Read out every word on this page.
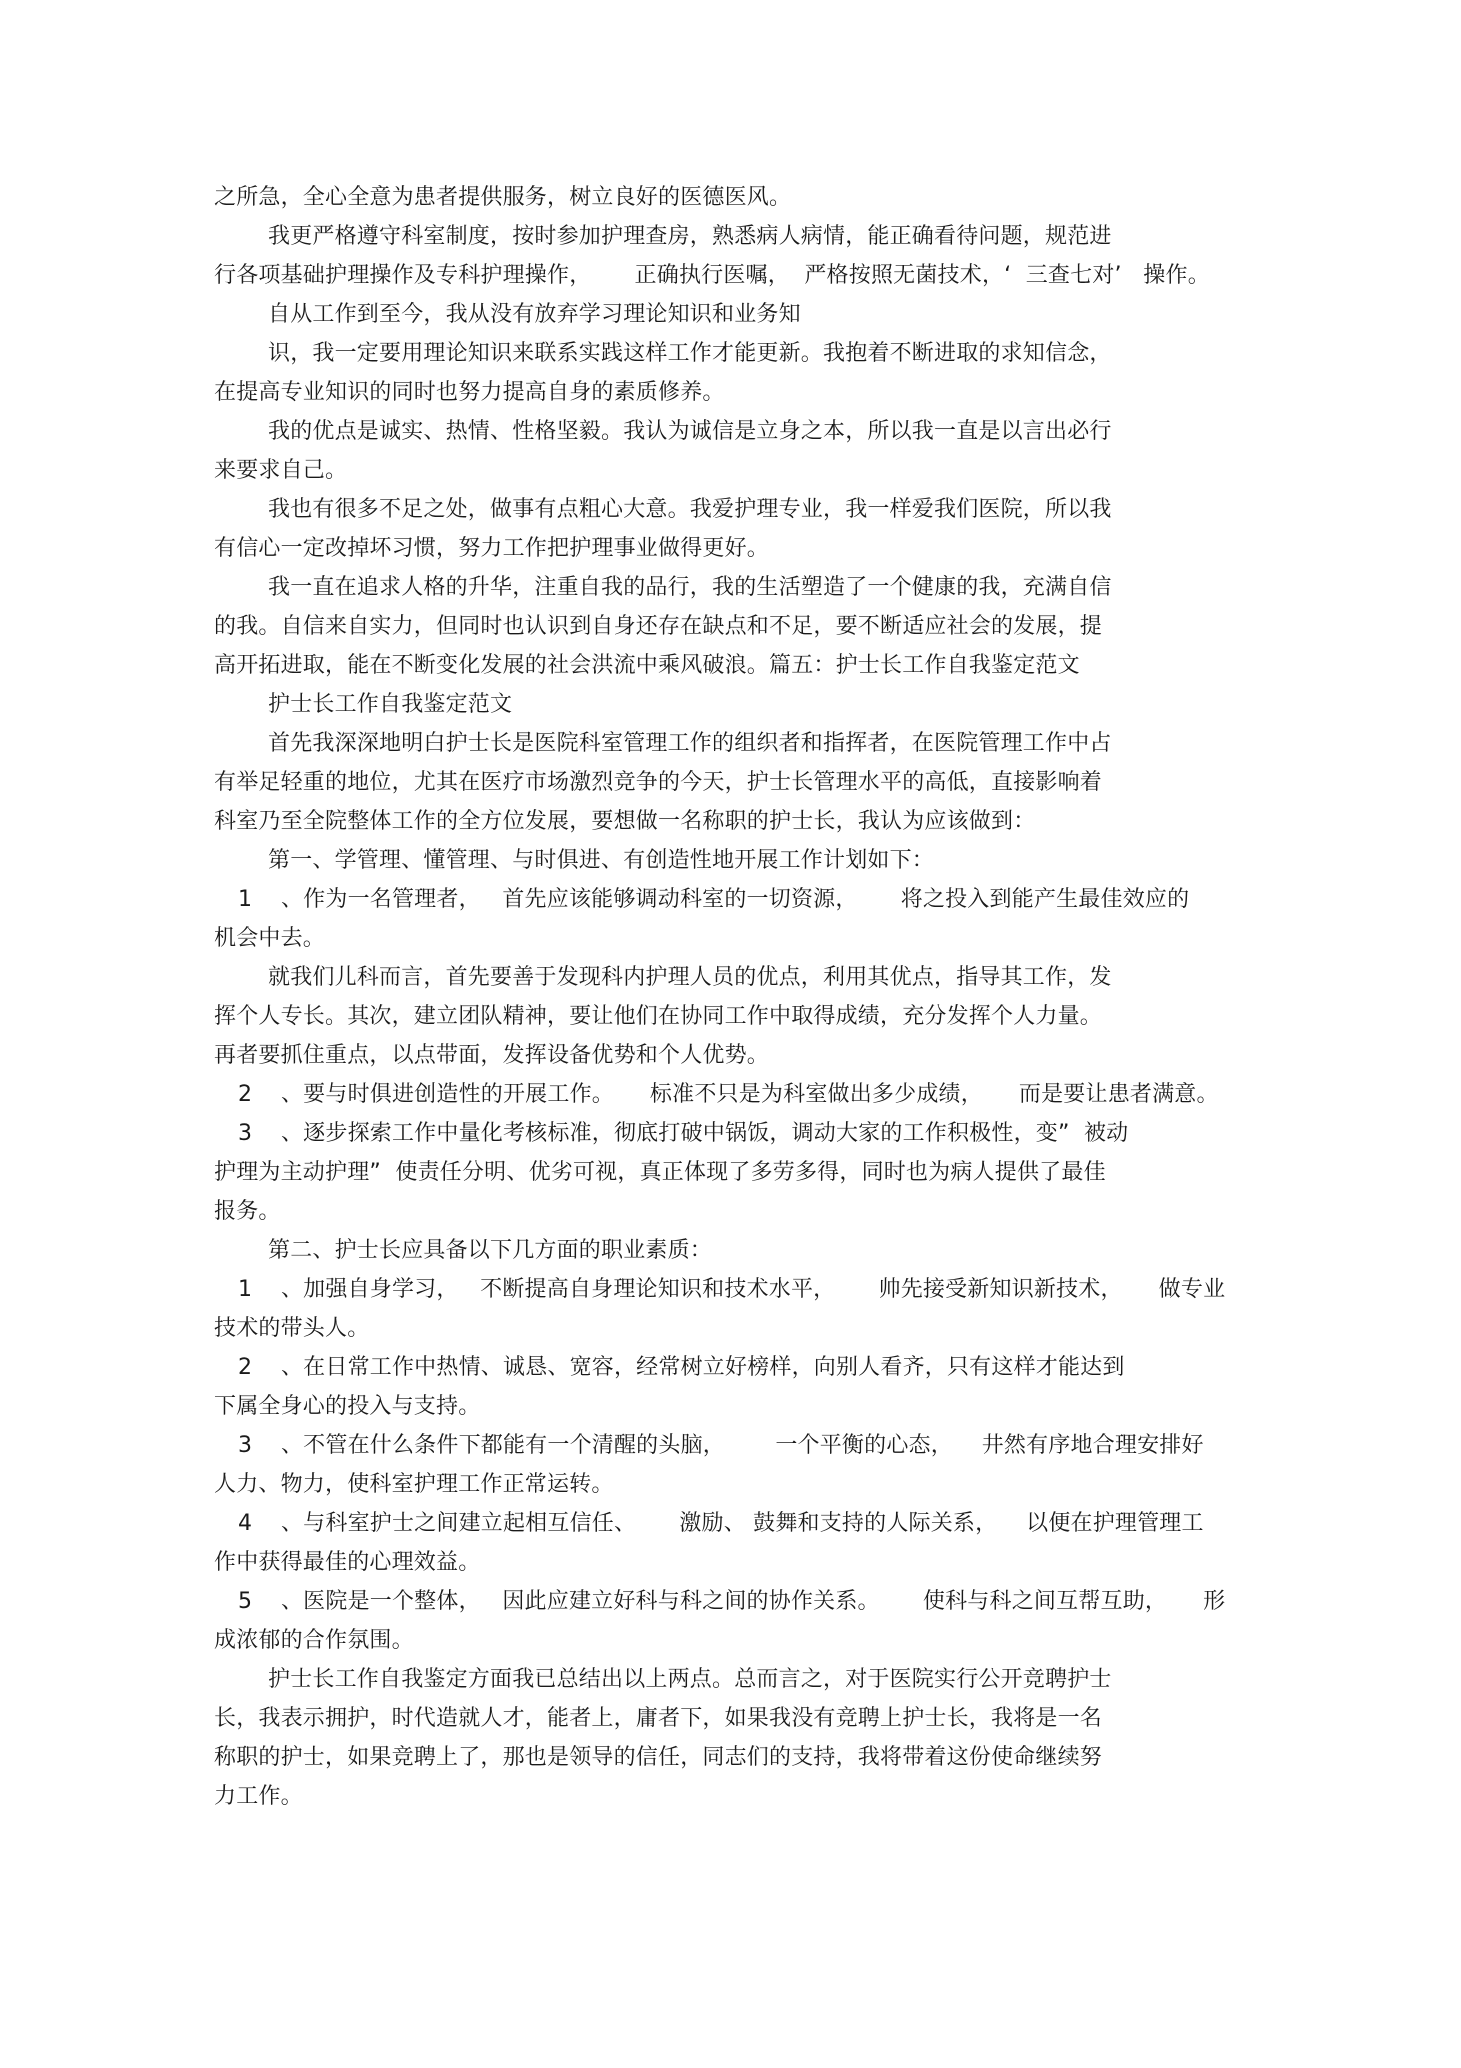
之所急，全心全意为患者提供服务，树立良好的医德医风。
我更严格遵守科室制度，按时参加护理查房，熟悉病人病情，能正确看待问题，规范进
行各项基础护理操作及专科护理操作，      正确执行医嘱，  严格按照无菌技术，‘  三查七对’   操作。
自从工作到至今，我从没有放弃学习理论知识和业务知
识，我一定要用理论知识来联系实践这样工作才能更新。我抱着不断进取的求知信念，
在提高专业知识的同时也努力提高自身的素质修养。
我的优点是诚实、热情、性格坚毅。我认为诚信是立身之本，所以我一直是以言出必行
来要求自己。
我也有很多不足之处，做事有点粗心大意。我爱护理专业，我一样爱我们医院，所以我
有信心一定改掉坏习惯，努力工作把护理事业做得更好。
我一直在追求人格的升华，注重自我的品行，我的生活塑造了一个健康的我，充满自信
的我。自信来自实力，但同时也认识到自身还存在缺点和不足，要不断适应社会的发展，提
高开拓进取，能在不断变化发展的社会洪流中乘风破浪。篇五：护士长工作自我鉴定范文
护士长工作自我鉴定范文
首先我深深地明白护士长是医院科室管理工作的组织者和指挥者，在医院管理工作中占
有举足轻重的地位，尤其在医疗市场激烈竞争的今天，护士长管理水平的高低，直接影响着
科室乃至全院整体工作的全方位发展，要想做一名称职的护士长，我认为应该做到：
第一、学管理、懂管理、与时俱进、有创造性地开展工作计划如下：
1    、作为一名管理者，   首先应该能够调动科室的一切资源，      将之投入到能产生最佳效应的
机会中去。
就我们儿科而言，首先要善于发现科内护理人员的优点，利用其优点，指导其工作，发
挥个人专长。其次，建立团队精神，要让他们在协同工作中取得成绩，充分发挥个人力量。
再者要抓住重点，以点带面，发挥设备优势和个人优势。
2    、要与时俱进创造性的开展工作。     标准不只是为科室做出多少成绩，     而是要让患者满意。
3    、逐步探索工作中量化考核标准，彻底打破中锅饭，调动大家的工作积极性，变”  被动
护理为主动护理”  使责任分明、优劣可视，真正体现了多劳多得，同时也为病人提供了最佳
报务。
第二、护士长应具备以下几方面的职业素质：
1    、加强自身学习，   不断提高自身理论知识和技术水平，      帅先接受新知识新技术，     做专业
技术的带头人。
2    、在日常工作中热情、诚恳、宽容，经常树立好榜样，向别人看齐，只有这样才能达到
下属全身心的投入与支持。
3    、不管在什么条件下都能有一个清醒的头脑，       一个平衡的心态，    井然有序地合理安排好
人力、物力，使科室护理工作正常运转。
4    、与科室护士之间建立起相互信任、      激励、 鼓舞和支持的人际关系，    以便在护理管理工
作中获得最佳的心理效益。
5    、医院是一个整体，   因此应建立好科与科之间的协作关系。      使科与科之间互帮互助，     形
成浓郁的合作氛围。
护士长工作自我鉴定方面我已总结出以上两点。总而言之，对于医院实行公开竞聘护士
长，我表示拥护，时代造就人才，能者上，庸者下，如果我没有竞聘上护士长，我将是一名
称职的护士，如果竞聘上了，那也是领导的信任，同志们的支持，我将带着这份使命继续努
力工作。
